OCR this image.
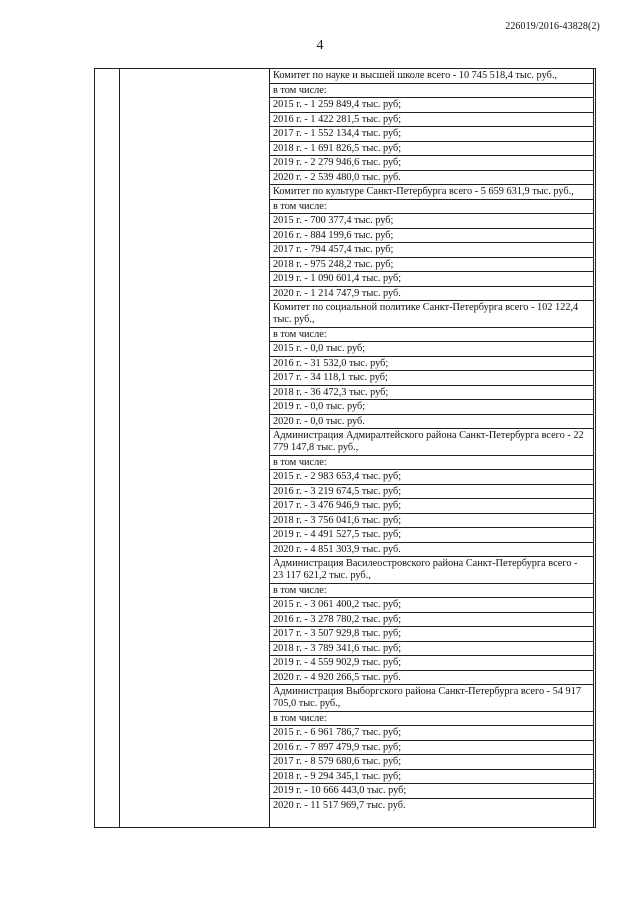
226019/2016-43828(2)
4
Комитет по науке и высшей школе всего - 10 745 518,4 тыс. руб.,
в том числе:
2015 г. - 1 259 849,4 тыс. руб;
2016 г. - 1 422 281,5 тыс. руб;
2017 г. - 1 552 134,4 тыс. руб;
2018 г. - 1 691 826,5 тыс. руб;
2019 г. - 2 279 946,6 тыс. руб;
2020 г. - 2 539 480,0 тыс. руб.
Комитет по культуре Санкт-Петербурга всего - 5 659 631,9 тыс. руб.,
в том числе:
2015 г. - 700 377,4 тыс. руб;
2016 г. - 884 199,6 тыс. руб;
2017 г. - 794 457,4 тыс. руб;
2018 г. - 975 248,2 тыс. руб;
2019 г. - 1 090 601,4 тыс. руб;
2020 г. - 1 214 747,9 тыс. руб.
Комитет по социальной политике Санкт-Петербурга всего - 102 122,4 тыс. руб.,
в том числе:
2015 г. - 0,0 тыс. руб;
2016 г. - 31 532,0 тыс. руб;
2017 г. - 34 118,1 тыс. руб;
2018 г. - 36 472,3 тыс. руб;
2019 г. - 0,0 тыс. руб;
2020 г. - 0,0 тыс. руб.
Администрация Адмиралтейского района Санкт-Петербурга всего - 22 779 147,8 тыс. руб.,
в том числе:
2015 г. - 2 983 653,4 тыс. руб;
2016 г. - 3 219 674,5 тыс. руб;
2017 г. - 3 476 946,9 тыс. руб;
2018 г. - 3 756 041,6 тыс. руб;
2019 г. - 4 491 527,5 тыс. руб;
2020 г. - 4 851 303,9 тыс. руб.
Администрация Василеостровского района Санкт-Петербурга всего - 23 117 621,2 тыс. руб.,
в том числе:
2015 г. - 3 061 400,2 тыс. руб;
2016 г. - 3 278 780,2 тыс. руб;
2017 г. - 3 507 929,8 тыс. руб;
2018 г. - 3 789 341,6 тыс. руб;
2019 г. - 4 559 902,9 тыс. руб;
2020 г. - 4 920 266,5 тыс. руб.
Администрация Выборгского района Санкт-Петербурга всего - 54 917 705,0 тыс. руб.,
в том числе:
2015 г. - 6 961 786,7 тыс. руб;
2016 г. - 7 897 479,9 тыс. руб;
2017 г. - 8 579 680,6 тыс. руб;
2018 г. - 9 294 345,1 тыс. руб;
2019 г. - 10 666 443,0 тыс. руб;
2020 г. - 11 517 969,7 тыс. руб.
